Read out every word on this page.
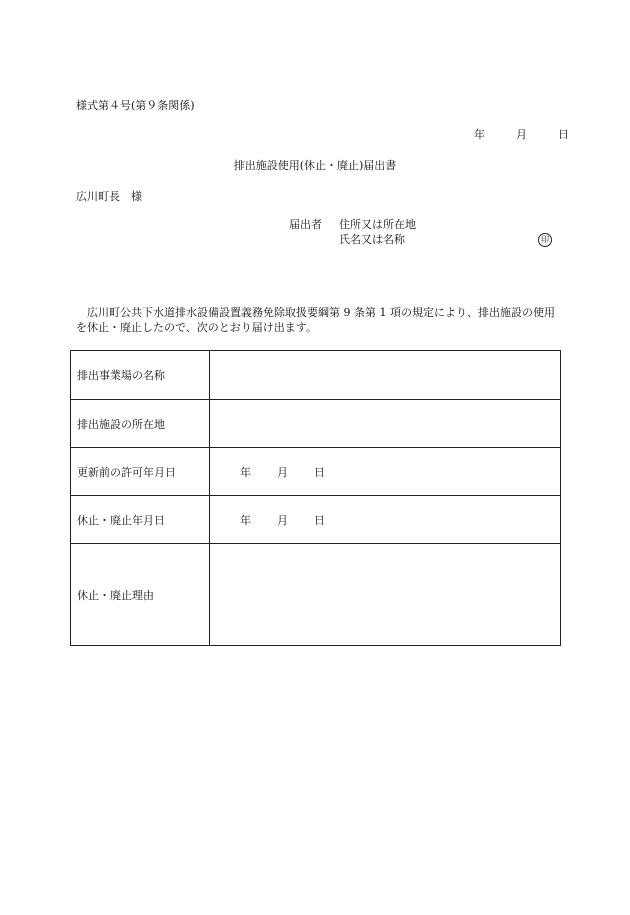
様式第４号(第９条関係)
年	月	日
排出施設使用(休止・廃止)届出書
広川町長　様
届出者 住所又は所在地
氏名又は名称	印
広川町公共下水道排水設備設置義務免除取扱要綱第 9 条第 1 項の規定により、排出施設の使用を休止・廃止したので、次のとおり届け出ます。
排出事業場の名称	
排出施設の所在地	
更新前の許可年月日	年 月 日
休止・廃止年月日	年 月 日
休止・廃止理由	
